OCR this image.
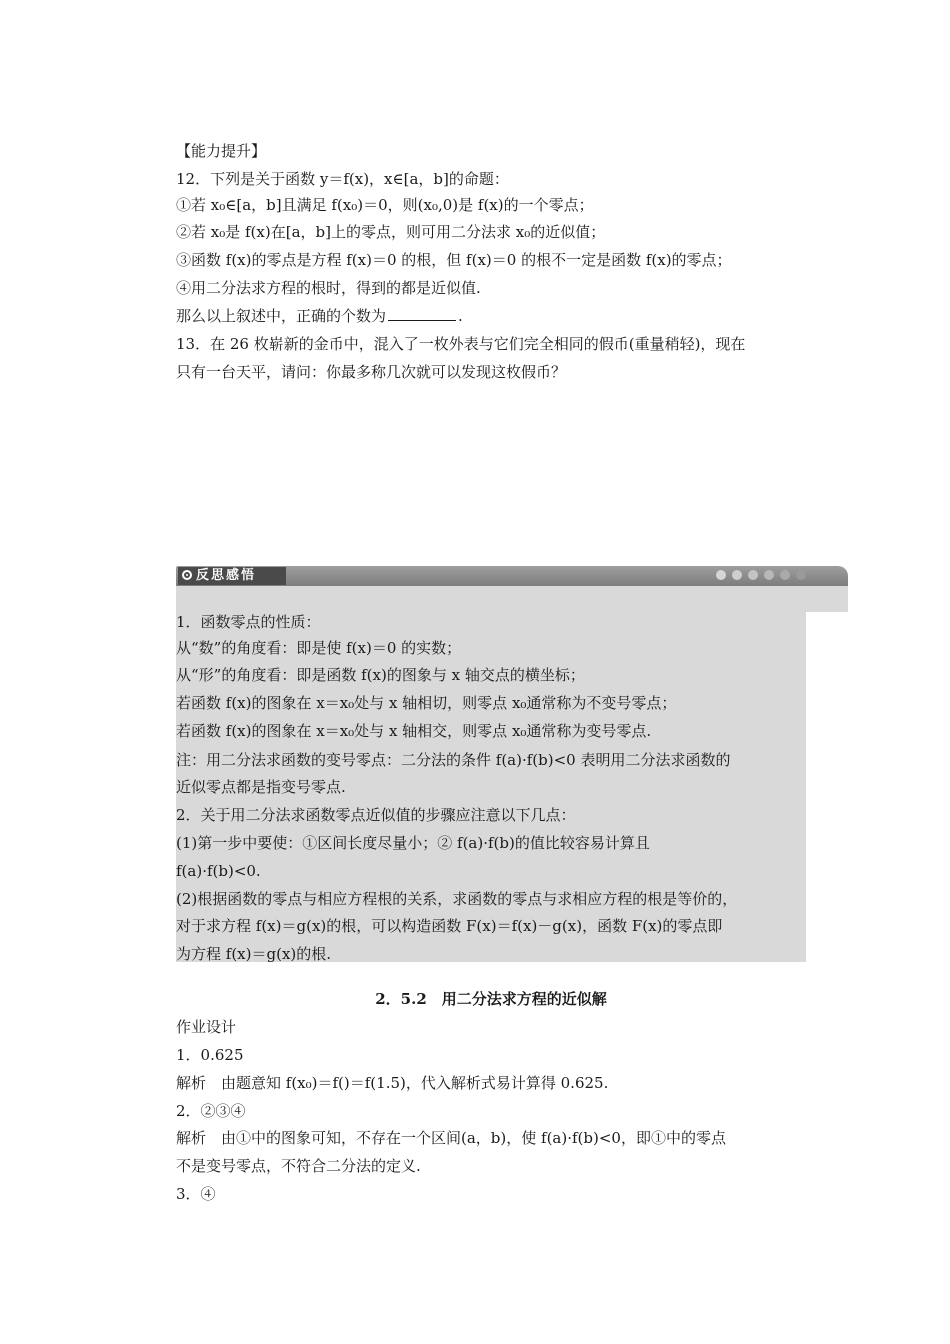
【能力提升】
12．下列是关于函数 y＝f(x)，x∈[a，b]的命题：
①若 x₀∈[a，b]且满足 f(x₀)＝0，则(x₀,0)是 f(x)的一个零点；
②若 x₀是 f(x)在[a，b]上的零点，则可用二分法求 x₀的近似值；
③函数 f(x)的零点是方程 f(x)＝0 的根，但 f(x)＝0 的根不一定是函数 f(x)的零点；
④用二分法求方程的根时，得到的都是近似值.
那么以上叙述中，正确的个数为	.
13．在 26 枚崭新的金币中，混入了一枚外表与它们完全相同的假币(重量稍轻)，现在
只有一台天平，请问：你最多称几次就可以发现这枚假币？
反思感悟
1．函数零点的性质：
从“数”的角度看：即是使 f(x)＝0 的实数；
从“形”的角度看：即是函数 f(x)的图象与 x 轴交点的横坐标；
若函数 f(x)的图象在 x＝x₀处与 x 轴相切，则零点 x₀通常称为不变号零点；
若函数 f(x)的图象在 x＝x₀处与 x 轴相交，则零点 x₀通常称为变号零点.
注：用二分法求函数的变号零点：二分法的条件 f(a)·f(b)<0 表明用二分法求函数的
近似零点都是指变号零点.
2．关于用二分法求函数零点近似值的步骤应注意以下几点：
(1)第一步中要使：①区间长度尽量小；② f(a)·f(b)的值比较容易计算且
f(a)·f(b)<0.
(2)根据函数的零点与相应方程根的关系，求函数的零点与求相应方程的根是等价的，
对于求方程 f(x)＝g(x)的根，可以构造函数 F(x)＝f(x)－g(x)，函数 F(x)的零点即
为方程 f(x)＝g(x)的根.
2．5.2　用二分法求方程的近似解
作业设计
1．0.625
解析　由题意知 f(x₀)＝f()＝f(1.5)，代入解析式易计算得 0.625.
2．②③④
解析　由①中的图象可知，不存在一个区间(a，b)，使 f(a)·f(b)<0，即①中的零点
不是变号零点，不符合二分法的定义.
3．④
